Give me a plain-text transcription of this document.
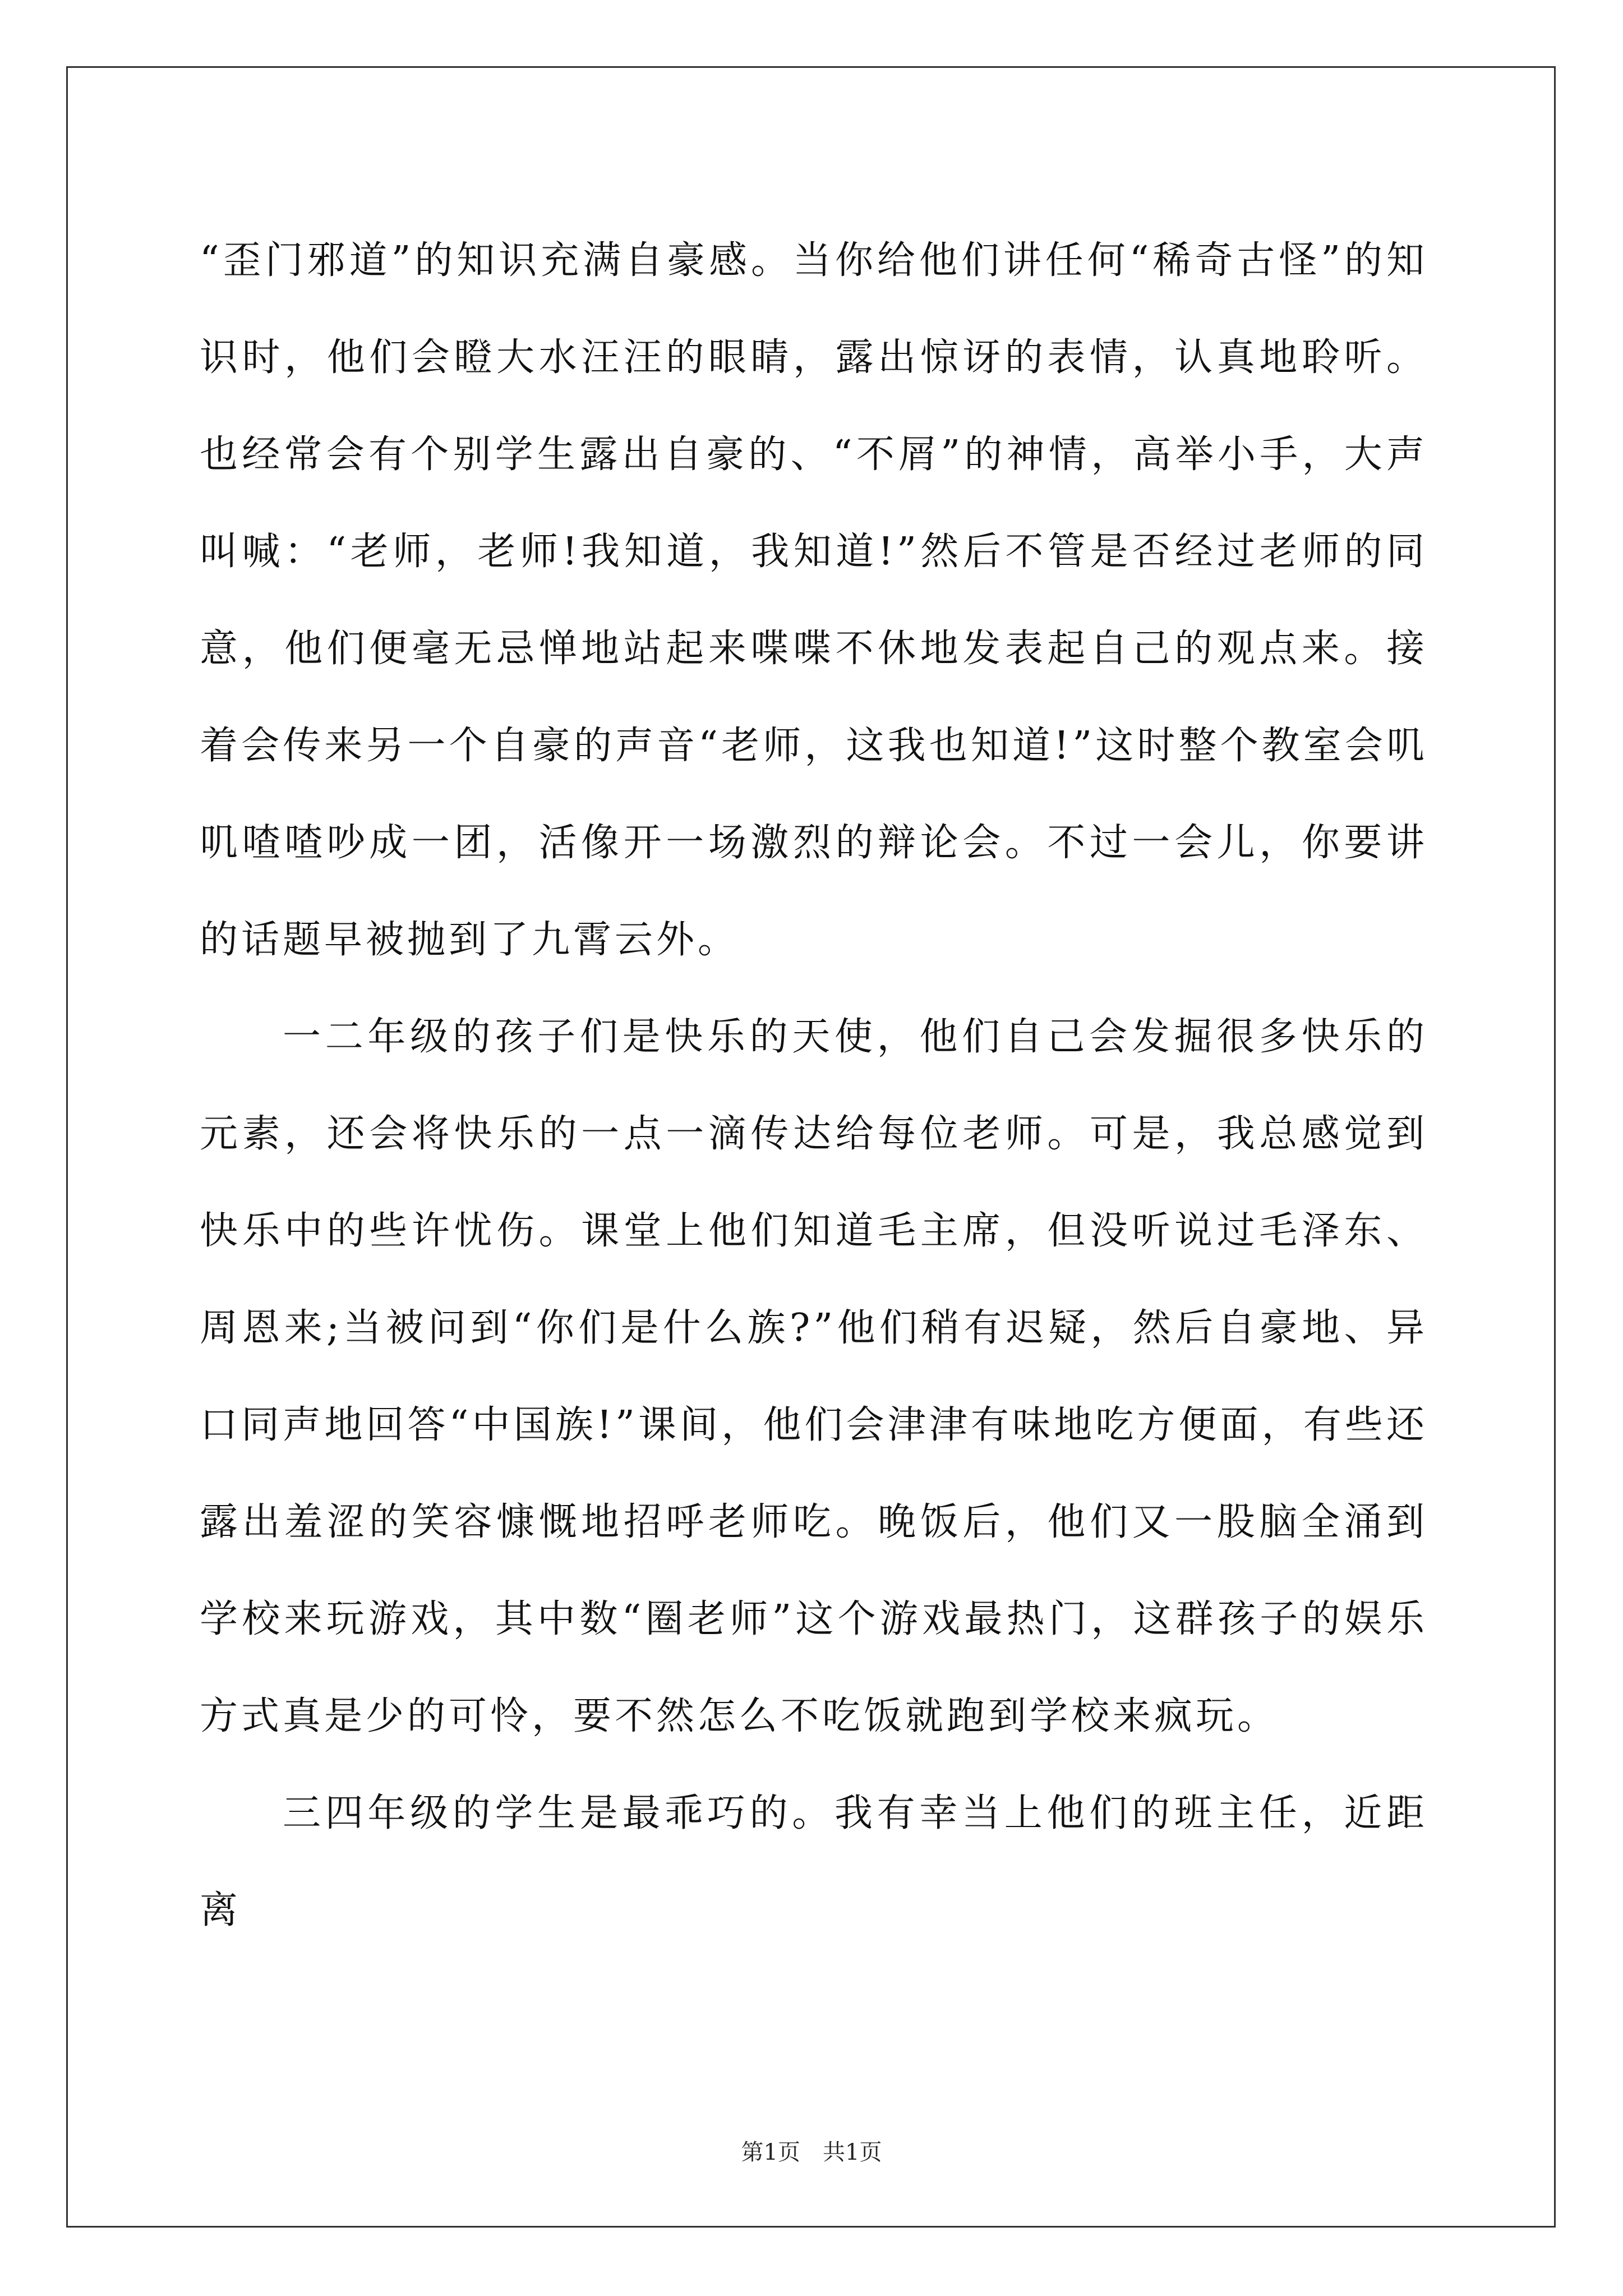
“歪门邪道”的知识充满自豪感。当你给他们讲任何“稀奇古怪”的知识时，他们会瞪大水汪汪的眼睛，露出惊讶的表情，认真地聆听。也经常会有个别学生露出自豪的、“不屑”的神情，高举小手，大声叫喊：“老师，老师!我知道，我知道!”然后不管是否经过老师的同意，他们便毫无忌惮地站起来喋喋不休地发表起自己的观点来。接着会传来另一个自豪的声音“老师，这我也知道!”这时整个教室会叽叽喳喳吵成一团，活像开一场激烈的辩论会。不过一会儿，你要讲的话题早被抛到了九霄云外。

一二年级的孩子们是快乐的天使，他们自己会发掘很多快乐的元素，还会将快乐的一点一滴传达给每位老师。可是，我总感觉到快乐中的些许忧伤。课堂上他们知道毛主席，但没听说过毛泽东、周恩来;当被问到“你们是什么族?”他们稍有迟疑，然后自豪地、异口同声地回答“中国族!”课间，他们会津津有味地吃方便面，有些还露出羞涩的笑容慷慨地招呼老师吃。晚饭后，他们又一股脑全涌到学校来玩游戏，其中数“圈老师”这个游戏最热门，这群孩子的娱乐方式真是少的可怜，要不然怎么不吃饭就跑到学校来疯玩。

三四年级的学生是最乖巧的。我有幸当上他们的班主任，近距离

第1页 共1页
